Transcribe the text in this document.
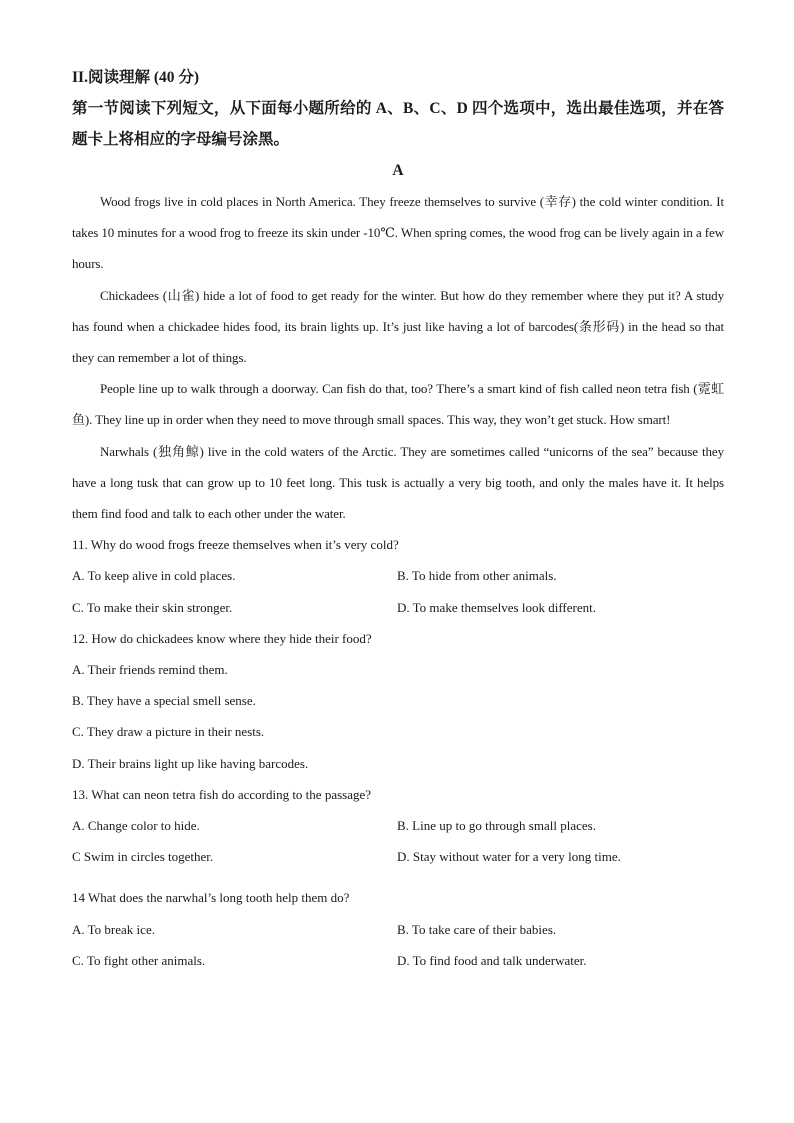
II.阅读理解 (40 分)

第一节阅读下列短文，从下面每小题所给的 A、B、C、D 四个选项中，选出最佳选项，并在答题卡上将相应的字母编号涂黑。

A

Wood frogs live in cold places in North America. They freeze themselves to survive (幸存) the cold winter condition. It takes 10 minutes for a wood frog to freeze its skin under -10℃. When spring comes, the wood frog can be lively again in a few hours.

Chickadees (山雀) hide a lot of food to get ready for the winter. But how do they remember where they put it? A study has found when a chickadee hides food, its brain lights up. It’s just like having a lot of barcodes(条形码) in the head so that they can remember a lot of things.

People line up to walk through a doorway. Can fish do that, too? There’s a smart kind of fish called neon tetra fish (霓虹鱼). They line up in order when they need to move through small spaces. This way, they won’t get stuck. How smart!

Narwhals (独角鲸) live in the cold waters of the Arctic. They are sometimes called “unicorns of the sea” because they have a long tusk that can grow up to 10 feet long. This tusk is actually a very big tooth, and only the males have it. It helps them find food and talk to each other under the water.

11. Why do wood frogs freeze themselves when it’s very cold?

A. To keep alive in cold places.	B. To hide from other animals.
C. To make their skin stronger.	D. To make themselves look different.

12. How do chickadees know where they hide their food?

A. Their friends remind them.
B. They have a special smell sense.
C. They draw a picture in their nests.
D. Their brains light up like having barcodes.

13. What can neon tetra fish do according to the passage?

A. Change color to hide.	B. Line up to go through small places.
C Swim in circles together.	D. Stay without water for a very long time.

14 What does the narwhal’s long tooth help them do?

A. To break ice.	B. To take care of their babies.
C. To fight other animals.	D. To find food and talk underwater.
